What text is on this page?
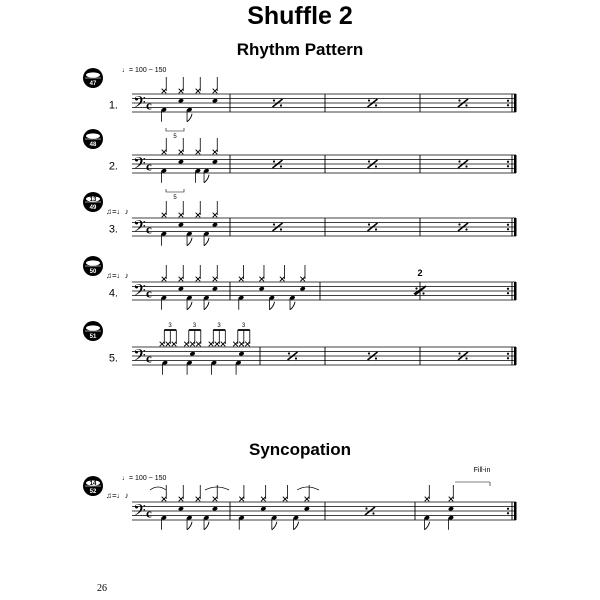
Shuffle 2
Rhythm Pattern
Syncopation
𝄢 c
1.
♩= 100 ~ 150
5
47
𝄢 c
2.
5
48
𝄢 c
3.
♫=♩♪
13
49
𝄢 c
4.
♫=♩♪	2
50
𝄢 c
5.
3	3	3	3
51
𝄢 c
♩= 100 ~ 150
♫=♩♪
Fill-in
14
52
26
